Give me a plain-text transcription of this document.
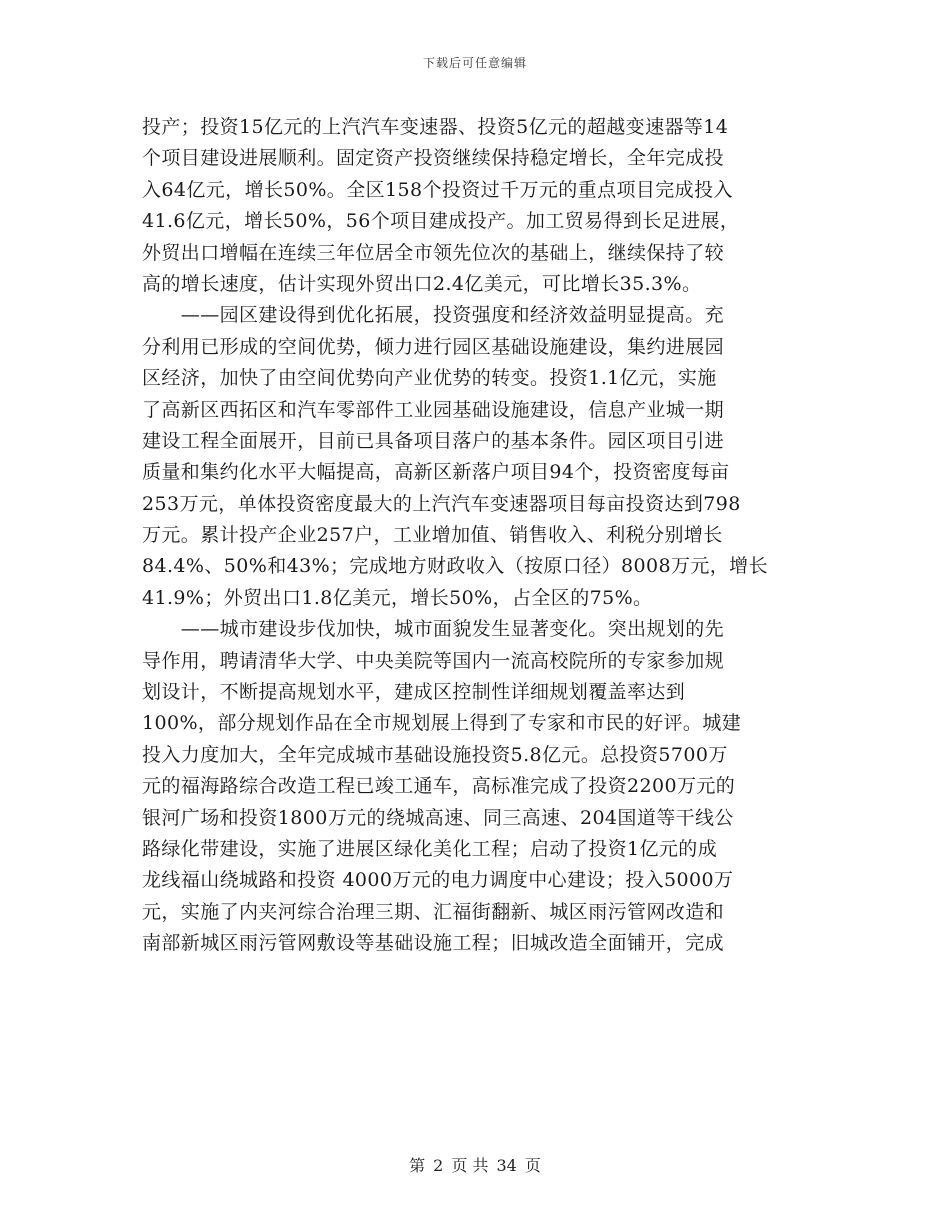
下载后可任意编辑
投产；投资15亿元的上汽汽车变速器、投资5亿元的超越变速器等14
个项目建设进展顺利。固定资产投资继续保持稳定增长，全年完成投
入64亿元，增长50%。全区158个投资过千万元的重点项目完成投入
41.6亿元，增长50%，56个项目建成投产。加工贸易得到长足进展，
外贸出口增幅在连续三年位居全市领先位次的基础上，继续保持了较
高的增长速度，估计实现外贸出口2.4亿美元，可比增长35.3%。
　　——园区建设得到优化拓展，投资强度和经济效益明显提高。充
分利用已形成的空间优势，倾力进行园区基础设施建设，集约进展园
区经济，加快了由空间优势向产业优势的转变。投资1.1亿元，实施
了高新区西拓区和汽车零部件工业园基础设施建设，信息产业城一期
建设工程全面展开，目前已具备项目落户的基本条件。园区项目引进
质量和集约化水平大幅提高，高新区新落户项目94个，投资密度每亩
253万元，单体投资密度最大的上汽汽车变速器项目每亩投资达到798
万元。累计投产企业257户，工业增加值、销售收入、利税分别增长
84.4%、50%和43%；完成地方财政收入（按原口径）8008万元，增长
41.9%；外贸出口1.8亿美元，增长50%，占全区的75%。
　　——城市建设步伐加快，城市面貌发生显著变化。突出规划的先
导作用，聘请清华大学、中央美院等国内一流高校院所的专家参加规
划设计，不断提高规划水平，建成区控制性详细规划覆盖率达到
100%，部分规划作品在全市规划展上得到了专家和市民的好评。城建
投入力度加大，全年完成城市基础设施投资5.8亿元。总投资5700万
元的福海路综合改造工程已竣工通车，高标准完成了投资2200万元的
银河广场和投资1800万元的绕城高速、同三高速、204国道等干线公
路绿化带建设，实施了进展区绿化美化工程；启动了投资1亿元的成
龙线福山绕城路和投资 4000万元的电力调度中心建设；投入5000万
元，实施了内夹河综合治理三期、汇福街翻新、城区雨污管网改造和
南部新城区雨污管网敷设等基础设施工程；旧城改造全面铺开，完成
第 2 页 共 34 页
